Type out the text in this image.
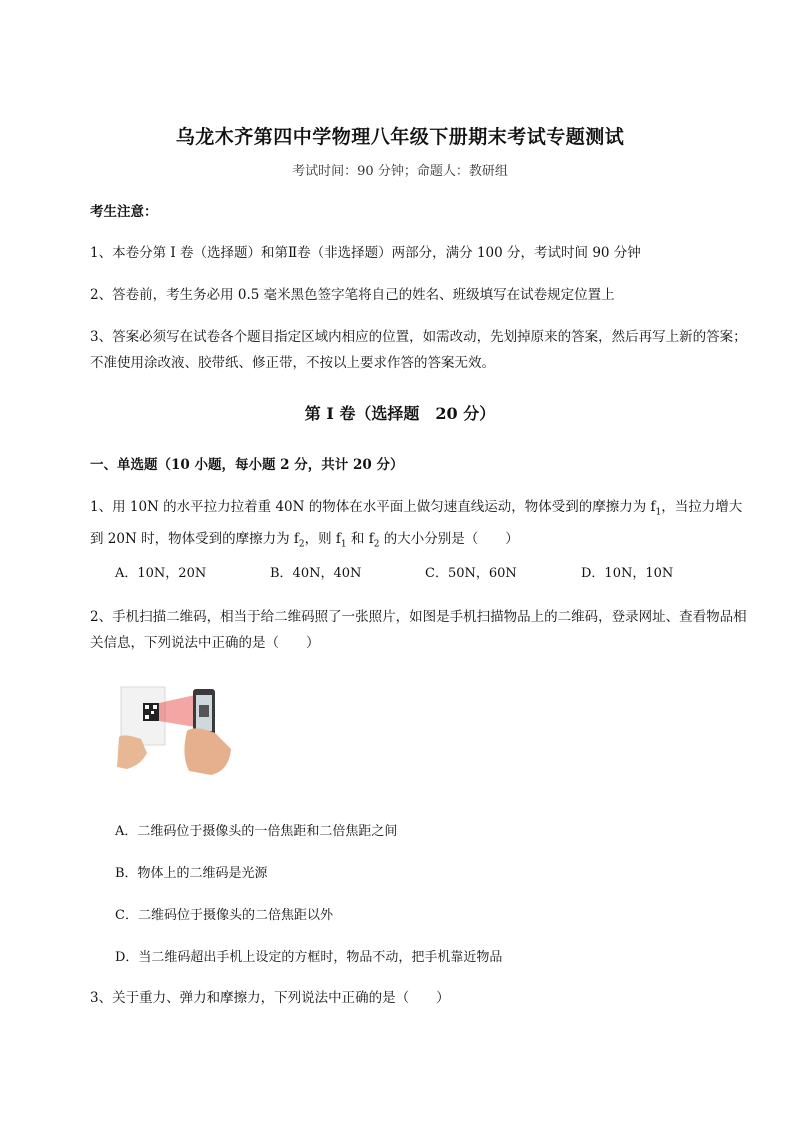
乌龙木齐第四中学物理八年级下册期末考试专题测试
考试时间：90 分钟；命题人：教研组
考生注意：
1、本卷分第 I 卷（选择题）和第Ⅱ卷（非选择题）两部分，满分 100 分，考试时间 90 分钟
2、答卷前，考生务必用 0.5 毫米黑色签字笔将自己的姓名、班级填写在试卷规定位置上
3、答案必须写在试卷各个题目指定区域内相应的位置，如需改动，先划掉原来的答案，然后再写上新的答案；不准使用涂改液、胶带纸、修正带，不按以上要求作答的答案无效。
第 I 卷（选择题　20 分）
一、单选题（10 小题，每小题 2 分，共计 20 分）
1、用 10N 的水平拉力拉着重 40N 的物体在水平面上做匀速直线运动，物体受到的摩擦力为 $f_1$，当拉力增大到 20N 时，物体受到的摩擦力为 $f_2$，则 $f_1$ 和 $f_2$ 的大小分别是（　　）
A．10N，20N	B．40N，40N	C．50N，60N	D．10N，10N
2、手机扫描二维码，相当于给二维码照了一张照片，如图是手机扫描物品上的二维码，登录网址、查看物品相关信息，下列说法中正确的是（　　）
A．二维码位于摄像头的一倍焦距和二倍焦距之间
B．物体上的二维码是光源
C．二维码位于摄像头的二倍焦距以外
D．当二维码超出手机上设定的方框时，物品不动，把手机靠近物品
3、关于重力、弹力和摩擦力，下列说法中正确的是（　　）
